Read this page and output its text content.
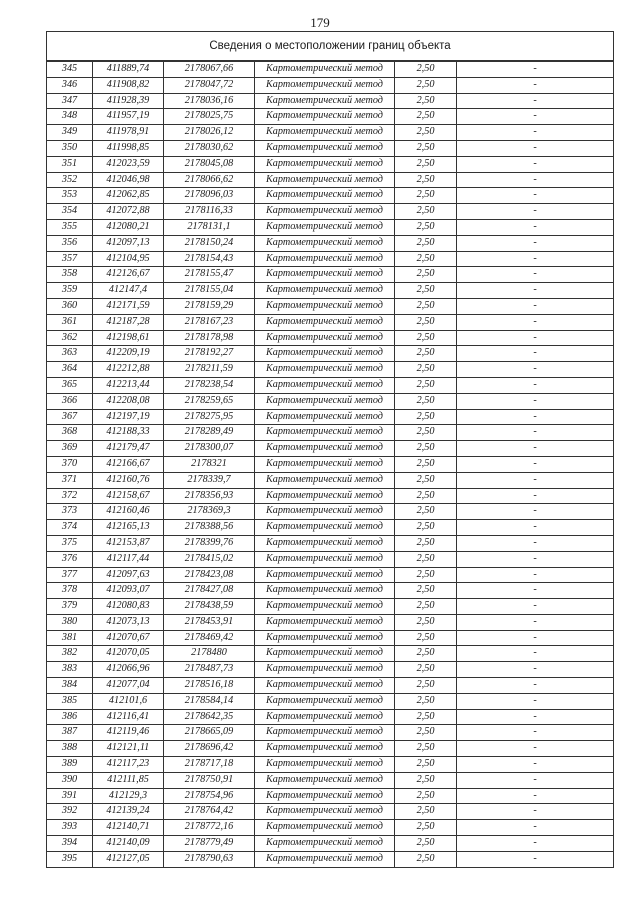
179
Сведения о местоположении границ объекта					
345	411889,74	2178067,66	Картометрический метод	2,50	-
346	411908,82	2178047,72	Картометрический метод	2,50	-
347	411928,39	2178036,16	Картометрический метод	2,50	-
348	411957,19	2178025,75	Картометрический метод	2,50	-
349	411978,91	2178026,12	Картометрический метод	2,50	-
350	411998,85	2178030,62	Картометрический метод	2,50	-
351	412023,59	2178045,08	Картометрический метод	2,50	-
352	412046,98	2178066,62	Картометрический метод	2,50	-
353	412062,85	2178096,03	Картометрический метод	2,50	-
354	412072,88	2178116,33	Картометрический метод	2,50	-
355	412080,21	2178131,1	Картометрический метод	2,50	-
356	412097,13	2178150,24	Картометрический метод	2,50	-
357	412104,95	2178154,43	Картометрический метод	2,50	-
358	412126,67	2178155,47	Картометрический метод	2,50	-
359	412147,4	2178155,04	Картометрический метод	2,50	-
360	412171,59	2178159,29	Картометрический метод	2,50	-
361	412187,28	2178167,23	Картометрический метод	2,50	-
362	412198,61	2178178,98	Картометрический метод	2,50	-
363	412209,19	2178192,27	Картометрический метод	2,50	-
364	412212,88	2178211,59	Картометрический метод	2,50	-
365	412213,44	2178238,54	Картометрический метод	2,50	-
366	412208,08	2178259,65	Картометрический метод	2,50	-
367	412197,19	2178275,95	Картометрический метод	2,50	-
368	412188,33	2178289,49	Картометрический метод	2,50	-
369	412179,47	2178300,07	Картометрический метод	2,50	-
370	412166,67	2178321	Картометрический метод	2,50	-
371	412160,76	2178339,7	Картометрический метод	2,50	-
372	412158,67	2178356,93	Картометрический метод	2,50	-
373	412160,46	2178369,3	Картометрический метод	2,50	-
374	412165,13	2178388,56	Картометрический метод	2,50	-
375	412153,87	2178399,76	Картометрический метод	2,50	-
376	412117,44	2178415,02	Картометрический метод	2,50	-
377	412097,63	2178423,08	Картометрический метод	2,50	-
378	412093,07	2178427,08	Картометрический метод	2,50	-
379	412080,83	2178438,59	Картометрический метод	2,50	-
380	412073,13	2178453,91	Картометрический метод	2,50	-
381	412070,67	2178469,42	Картометрический метод	2,50	-
382	412070,05	2178480	Картометрический метод	2,50	-
383	412066,96	2178487,73	Картометрический метод	2,50	-
384	412077,04	2178516,18	Картометрический метод	2,50	-
385	412101,6	2178584,14	Картометрический метод	2,50	-
386	412116,41	2178642,35	Картометрический метод	2,50	-
387	412119,46	2178665,09	Картометрический метод	2,50	-
388	412121,11	2178696,42	Картометрический метод	2,50	-
389	412117,23	2178717,18	Картометрический метод	2,50	-
390	412111,85	2178750,91	Картометрический метод	2,50	-
391	412129,3	2178754,96	Картометрический метод	2,50	-
392	412139,24	2178764,42	Картометрический метод	2,50	-
393	412140,71	2178772,16	Картометрический метод	2,50	-
394	412140,09	2178779,49	Картометрический метод	2,50	-
395	412127,05	2178790,63	Картометрический метод	2,50	-
